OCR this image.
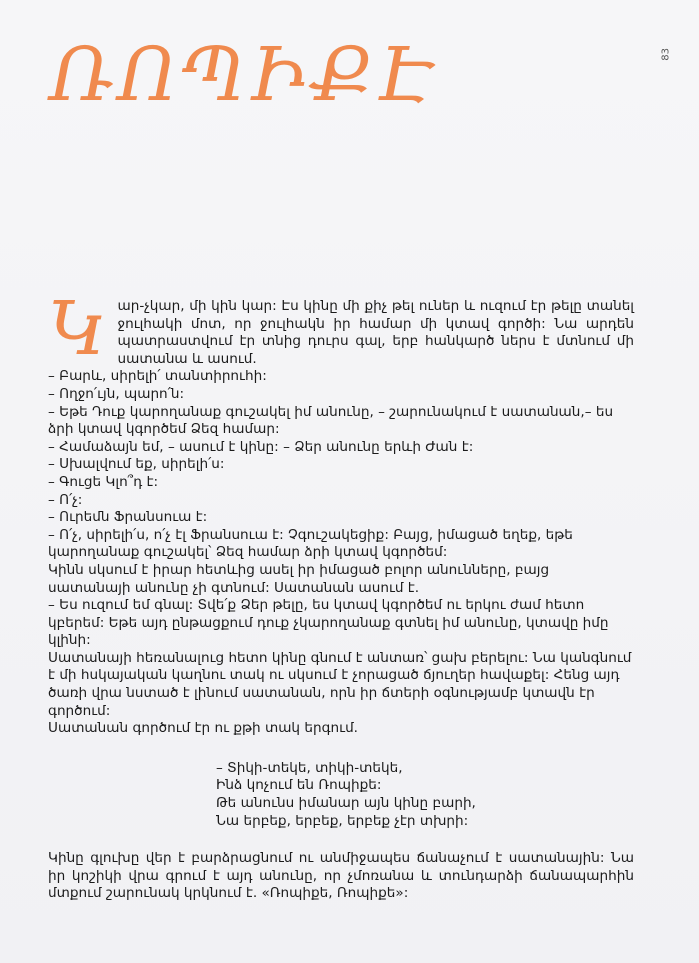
83
ՌՈՊԻՔԷ
Կ ար-չկար, մի կին կար: Էս կինը մի քիչ թել ուներ և ուզում էր թելը տանել ջուլհակի մոտ, որ ջուլհակն իր համար մի կտավ գործի: Նա արդեն պատրաստվում էր տնից դուրս գալ, երբ հանկարծ ներս է մտնում մի սատանա և ասում.

– Բարև, սիրելի՛ տանտիրուհի:

– Ողջո՛ւյն, պարո՛ն:

– Եթե Դուք կարողանաք գուշակել իմ անունը, – շարունակում է սատանան,– ես ձրի կտավ կգործեմ Ձեզ համար:

– Համաձայն եմ, – ասում է կինը: – Ձեր անունը երևի Ժան է:

– Սխալվում եք, սիրելի՛ս:

– Գուցե Կլո՞դ է:

– Ո՛չ:

– Ուրեմն Ֆրանսուա է:

– Ո՛չ, սիրելի՛ս, ո՛չ էլ Ֆրանսուա է: Չգուշակեցիք: Բայց, իմացած եղեք, եթե կարողանաք գուշակել՝ Ձեզ համար ձրի կտավ կգործեմ:

Կինն սկսում է իրար հետևից ասել իր իմացած բոլոր անունները, բայց սատանայի անունը չի գտնում: Սատանան ասում է.

– Ես ուզում եմ գնալ: Տվե՛ք Ձեր թելը, ես կտավ կգործեմ ու երկու ժամ հետո կբերեմ: Եթե այդ ընթացքում դուք չկարողանաք գտնել իմ անունը, կտավը իմը կլինի:

Սատանայի հեռանալուց հետո կինը գնում է անտառ՝ ցախ բերելու: Նա կանգնում է մի հսկայական կաղնու տակ ու սկսում է չորացած ճյուղեր հավաքել: Հենց այդ ծառի վրա նստած է լինում սատանան, որն իր ճտերի օգնությամբ կտավն էր գործում:

Սատանան գործում էր ու քթի տակ երգում.

– Տիկի-տեկե, տիկի-տեկե,

Ինձ կոչում են Ռոպիքե:

Թե անունս իմանար այն կինը բարի,

Նա երբեք, երբեք, երբեք չէր տխրի:

Կինը գլուխը վեր է բարձրացնում ու անմիջապես ճանաչում է սատանային: Նա իր կոշիկի վրա գրում է այդ անունը, որ չմոռանա և տունդարձի ճանապարհին մտքում շարունակ կրկնում է. «Ռոպիքե, Ռոպիքե»:
